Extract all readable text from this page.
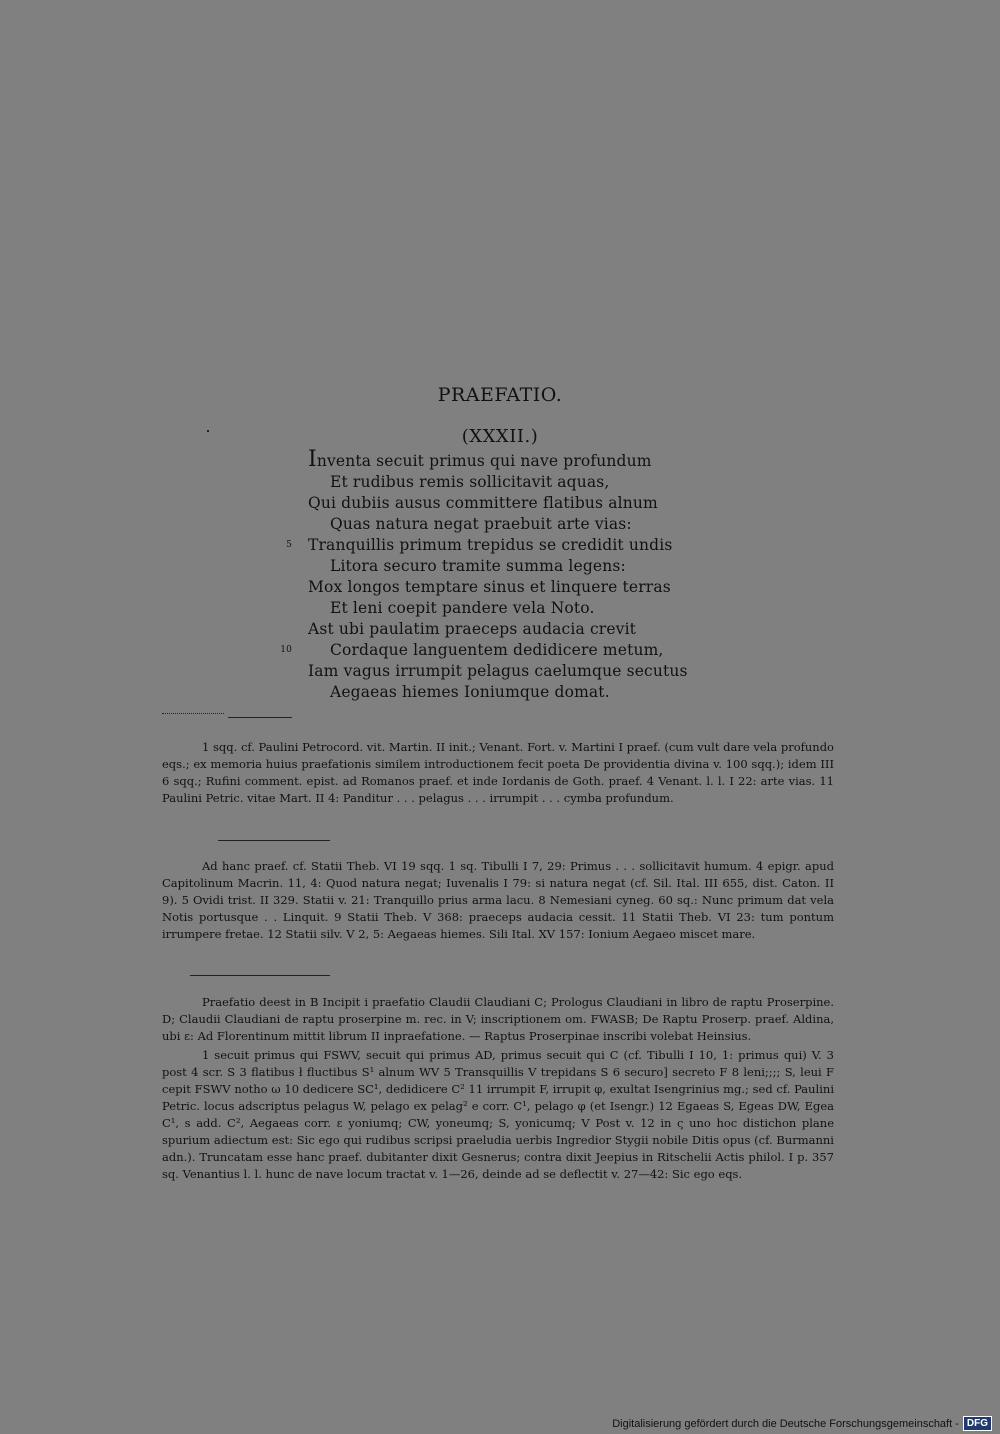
PRAEFATIO.
(XXXII.)
Inventa secuit primus qui nave profundum
Et rudibus remis sollicitavit aquas,
Qui dubiis ausus committere flatibus alnum
Quas natura negat praebuit arte vias:
5 Tranquillis primum trepidus se credidit undis
Litora securo tramite summa legens:
Mox longos temptare sinus et linquere terras
Et leni coepit pandere vela Noto.
Ast ubi paulatim praeceps audacia crevit
10 Cordaque languentem dedidicere metum,
Iam vagus irrumpit pelagus caelumque secutus
Aegaeas hiemes Ioniumque domat.

1 sqq. cf. Paulini Petrocord. vit. Martin. II init.; Venant. Fort. v. Martini I praef. (cum vult dare vela profundo eqs.; ex memoria huius praefationis similem introductionem fecit poeta De providentia divina v. 100 sqq.); idem III 6 sqq.; Rufini comment. epist. ad Romanos praef. et inde Iordanis de Goth. praef. 4 Venant. l. l. I 22: arte vias. 11 Paulini Petric. vitae Mart. II 4: Panditur . . . pelagus . . . irrumpit . . . cymba profundum.

Ad hanc praef. cf. Statii Theb. VI 19 sqq. 1 sq. Tibulli I 7, 29: Primus . . . sollicitavit humum. 4 epigr. apud Capitolinum Macrin. 11, 4: Quod natura negat; Iuvenalis I 79: si natura negat (cf. Sil. Ital. III 655, dist. Caton. II 9). 5 Ovidi trist. II 329. Statii v. 21: Tranquillo prius arma lacu. 8 Nemesiani cyneg. 60 sq.: Nunc primum dat vela Notis portusque . . Linquit. 9 Statii Theb. V 368: praeceps audacia cessit. 11 Statii Theb. VI 23: tum pontum irrumpere fretae. 12 Statii silv. V 2, 5: Aegaeas hiemes. Sili Ital. XV 157: Ionium Aegaeo miscet mare.

Praefatio deest in B Incipit i praefatio Claudii Claudiani C; Prologus Claudiani in libro de raptu Proserpine. D; Claudii Claudiani de raptu proserpine m. rec. in V; inscriptionem om. FWASB; De Raptu Proserp. praef. Aldina, ubi ε: Ad Florentinum mittit librum II inpraefatione. — Raptus Proserpinae inscribi volebat Heinsius.

1 secuit primus qui FSWV, secuit qui primus AD, primus secuit qui C (cf. Tibulli I 10, 1: primus qui) V. 3 post 4 scr. S 3 flatibus ł fluctibus S¹ alnum WV 5 Transquillis V trepidans S 6 securo] secreto F 8 leni;;;; S, leui F cepit FSWV notho ω 10 dedicere SC¹, dedidicere C² 11 irrumpit F, irrupit φ, exultat Isengrinius mg.; sed cf. Paulini Petric. locus adscriptus pelagus W, pelago ex pelag² e corr. C¹, pelago φ (et Isengr.) 12 Egaeas S, Egeas DW, Egea C¹, s add. C², Aegaeas corr. ε yoniumq; CW, yoneumq; S, yonicumq; V Post v. 12 in ς uno hoc distichon plane spurium adiectum est: Sic ego qui rudibus scripsi praeludia uerbis Ingredior Stygii nobile Ditis opus (cf. Burmanni adn.). Truncatam esse hanc praef. dubitanter dixit Gesnerus; contra dixit Jeepius in Ritschelii Actis philol. I p. 357 sq. Venantius l. l. hunc de nave locum tractat v. 1—26, deinde ad se deflectit v. 27—42: Sic ego eqs.

Digitalisierung gefördert durch die Deutsche Forschungsgemeinschaft - DFG
